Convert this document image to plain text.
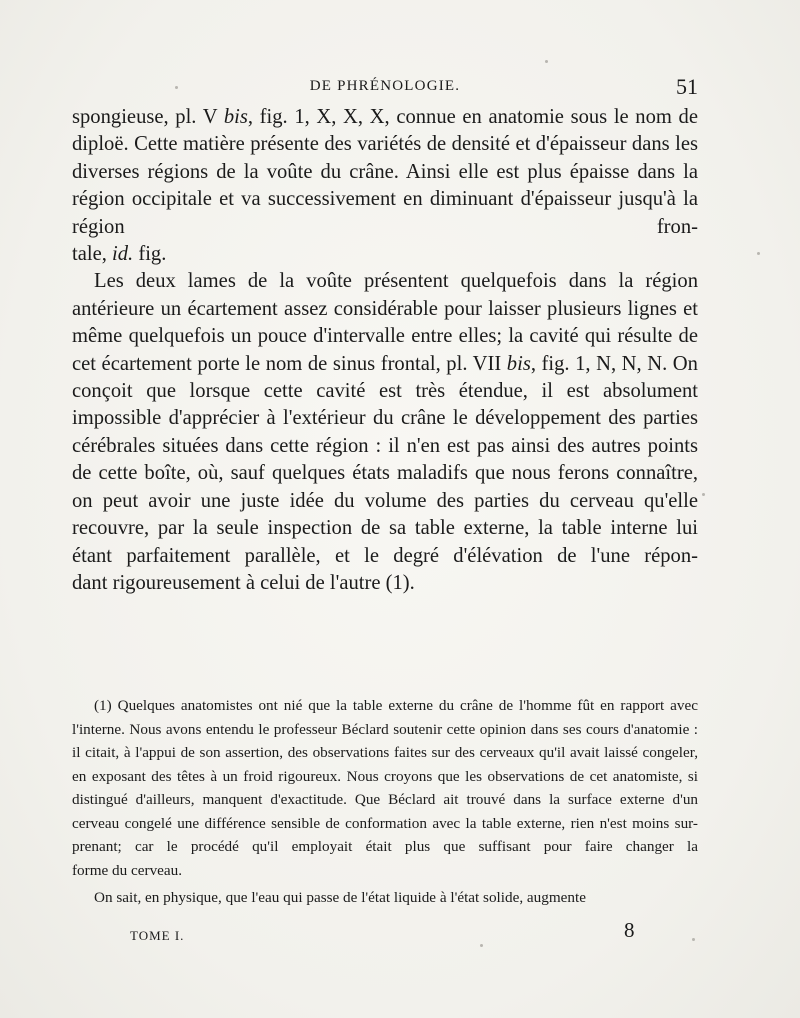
DE PHRÉNOLOGIE.	51

spongieuse, pl. V bis, fig. 1, X, X, X, connue en anatomie sous le nom de diploë. Cette matière présente des variétés de densité et d'épaisseur dans les diverses régions de la voûte du crâne. Ainsi elle est plus épaisse dans la région occipitale et va successivement en diminuant d'épaisseur jusqu'à la région fron-

tale, id. fig.

Les deux lames de la voûte présentent quelquefois dans la région antérieure un écartement assez considérable pour laisser plusieurs lignes et même quelquefois un pouce d'intervalle entre elles; la cavité qui résulte de cet écartement porte le nom de sinus frontal, pl. VII bis, fig. 1, N, N, N. On conçoit que lorsque cette cavité est très étendue, il est absolument impossible d'apprécier à l'extérieur du crâne le développement des parties cérébrales situées dans cette région : il n'en est pas ainsi des autres points de cette boîte, où, sauf quelques états maladifs que nous ferons connaître, on peut avoir une juste idée du volume des parties du cerveau qu'elle recouvre, par la seule inspection de sa table externe, la table interne lui étant parfaitement parallèle, et le degré d'élévation de l'une répon-

dant rigoureusement à celui de l'autre (1).

(1) Quelques anatomistes ont nié que la table externe du crâne de l'homme fût en rapport avec l'interne. Nous avons entendu le professeur Béclard soutenir cette opinion dans ses cours d'anatomie : il citait, à l'appui de son assertion, des observations faites sur des cerveaux qu'il avait laissé congeler, en exposant des têtes à un froid rigoureux. Nous croyons que les observations de cet anatomiste, si distingué d'ailleurs, manquent d'exactitude. Que Béclard ait trouvé dans la surface externe d'un cerveau congelé une différence sensible de conformation avec la table externe, rien n'est moins sur- prenant; car le procédé qu'il employait était plus que suffisant pour faire changer la

forme du cerveau.

On sait, en physique, que l'eau qui passe de l'état liquide à l'état solide, augmente

TOME I.	8
